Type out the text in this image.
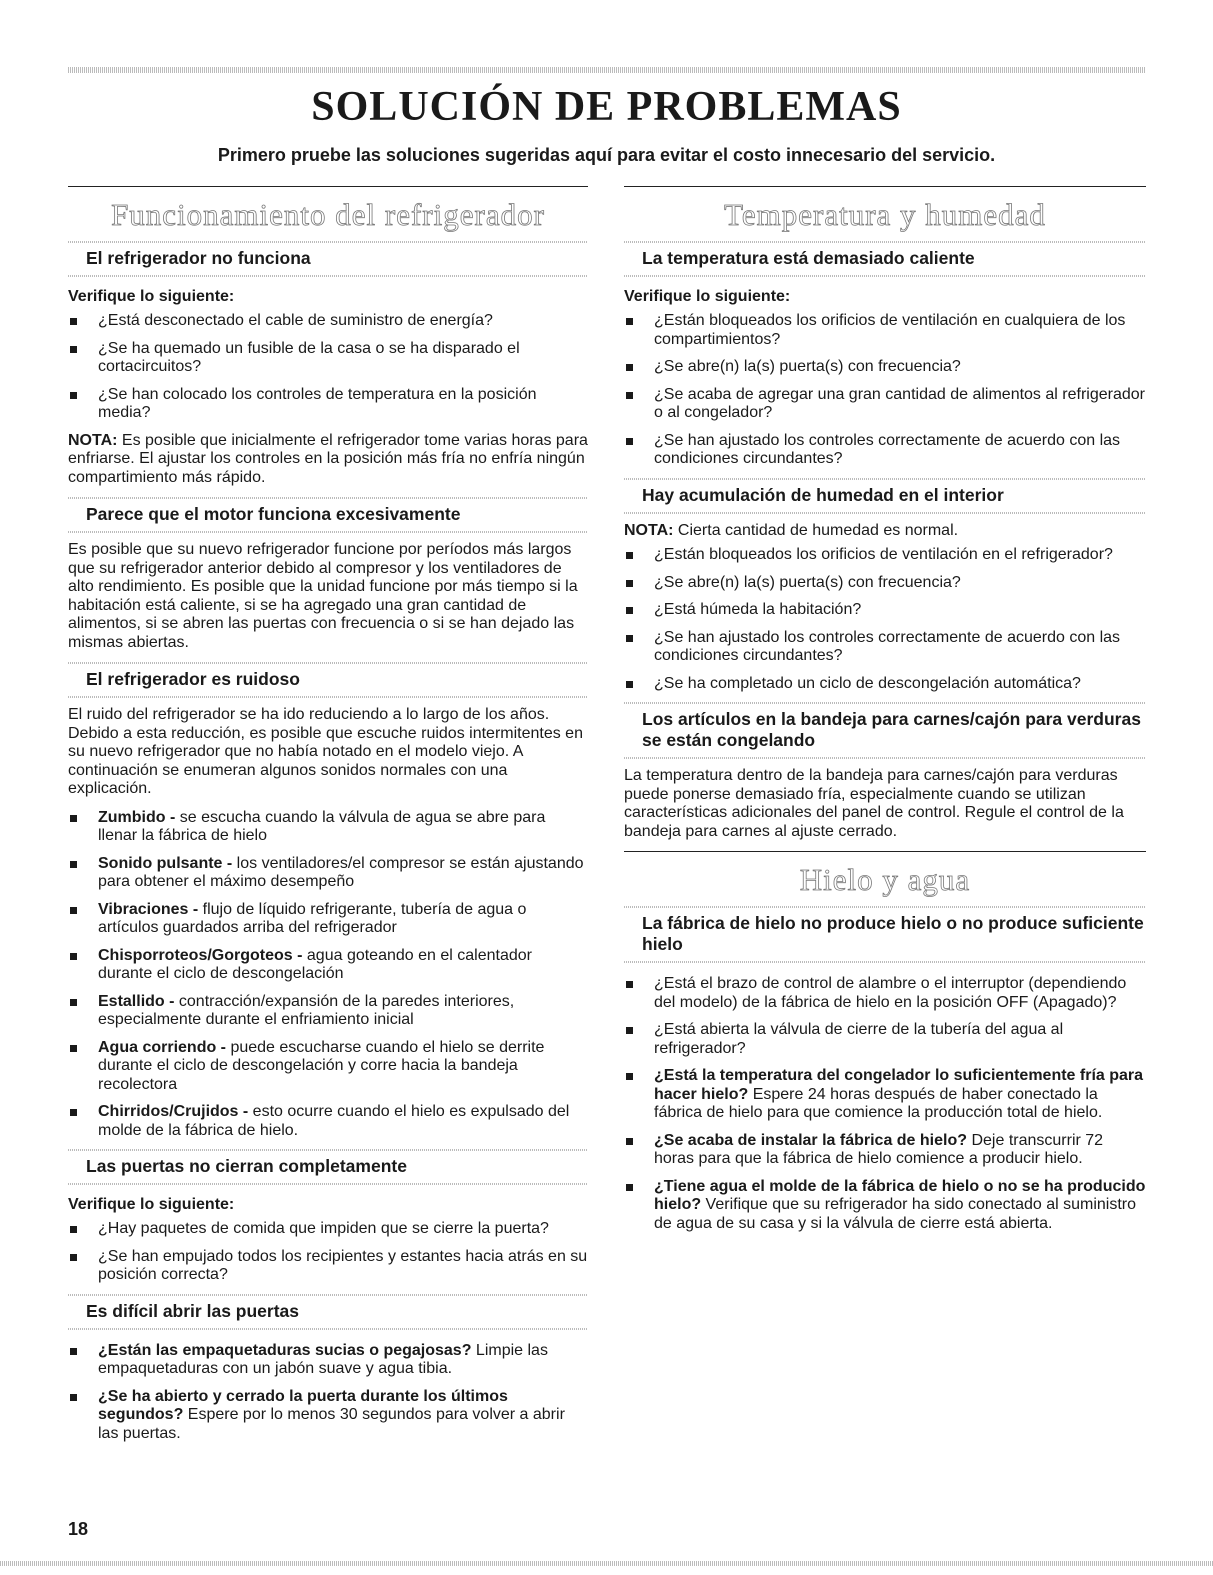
SOLUCIÓN DE PROBLEMAS

Primero pruebe las soluciones sugeridas aquí para evitar el costo innecesario del servicio.

Funcionamiento del refrigerador
El refrigerador no funciona
Verifique lo siguiente:
¿Está desconectado el cable de suministro de energía?
¿Se ha quemado un fusible de la casa o se ha disparado el cortacircuitos?
¿Se han colocado los controles de temperatura en la posición media?

NOTA: Es posible que inicialmente el refrigerador tome varias horas para enfriarse. El ajustar los controles en la posición más fría no enfría ningún compartimiento más rápido.

Parece que el motor funciona excesivamente

Es posible que su nuevo refrigerador funcione por períodos más largos que su refrigerador anterior debido al compresor y los ventiladores de alto rendimiento. Es posible que la unidad funcione por más tiempo si la habitación está caliente, si se ha agregado una gran cantidad de alimentos, si se abren las puertas con frecuencia o si se han dejado las mismas abiertas.

El refrigerador es ruidoso

El ruido del refrigerador se ha ido reduciendo a lo largo de los años. Debido a esta reducción, es posible que escuche ruidos intermitentes en su nuevo refrigerador que no había notado en el modelo viejo. A continuación se enumeran algunos sonidos normales con una explicación.

Zumbido - se escucha cuando la válvula de agua se abre para llenar la fábrica de hielo
Sonido pulsante - los ventiladores/el compresor se están ajustando para obtener el máximo desempeño
Vibraciones - flujo de líquido refrigerante, tubería de agua o artículos guardados arriba del refrigerador
Chisporroteos/Gorgoteos - agua goteando en el calentador durante el ciclo de descongelación
Estallido - contracción/expansión de la paredes interiores, especialmente durante el enfriamiento inicial
Agua corriendo - puede escucharse cuando el hielo se derrite durante el ciclo de descongelación y corre hacia la bandeja recolectora
Chirridos/Crujidos - esto ocurre cuando el hielo es expulsado del molde de la fábrica de hielo.
Las puertas no cierran completamente
Verifique lo siguiente:
¿Hay paquetes de comida que impiden que se cierre la puerta?
¿Se han empujado todos los recipientes y estantes hacia atrás en su posición correcta?
Es difícil abrir las puertas
¿Están las empaquetaduras sucias o pegajosas? Limpie las empaquetaduras con un jabón suave y agua tibia.
¿Se ha abierto y cerrado la puerta durante los últimos segundos? Espere por lo menos 30 segundos para volver a abrir las puertas.
Temperatura y humedad
La temperatura está demasiado caliente
Verifique lo siguiente:
¿Están bloqueados los orificios de ventilación en cualquiera de los compartimientos?
¿Se abre(n) la(s) puerta(s) con frecuencia?
¿Se acaba de agregar una gran cantidad de alimentos al refrigerador o al congelador?
¿Se han ajustado los controles correctamente de acuerdo con las condiciones circundantes?
Hay acumulación de humedad en el interior

NOTA: Cierta cantidad de humedad es normal.

¿Están bloqueados los orificios de ventilación en el refrigerador?
¿Se abre(n) la(s) puerta(s) con frecuencia?
¿Está húmeda la habitación?
¿Se han ajustado los controles correctamente de acuerdo con las condiciones circundantes?
¿Se ha completado un ciclo de descongelación automática?
Los artículos en la bandeja para carnes/cajón para verduras se están congelando

La temperatura dentro de la bandeja para carnes/cajón para verduras puede ponerse demasiado fría, especialmente cuando se utilizan características adicionales del panel de control. Regule el control de la bandeja para carnes al ajuste cerrado.

Hielo y agua
La fábrica de hielo no produce hielo o no produce suficiente hielo
¿Está el brazo de control de alambre o el interruptor (dependiendo del modelo) de la fábrica de hielo en la posición OFF (Apagado)?
¿Está abierta la válvula de cierre de la tubería del agua al refrigerador?
¿Está la temperatura del congelador lo suficientemente fría para hacer hielo? Espere 24 horas después de haber conectado la fábrica de hielo para que comience la producción total de hielo.
¿Se acaba de instalar la fábrica de hielo? Deje transcurrir 72 horas para que la fábrica de hielo comience a producir hielo.
¿Tiene agua el molde de la fábrica de hielo o no se ha producido hielo? Verifique que su refrigerador ha sido conectado al suministro de agua de su casa y si la válvula de cierre está abierta.
18
